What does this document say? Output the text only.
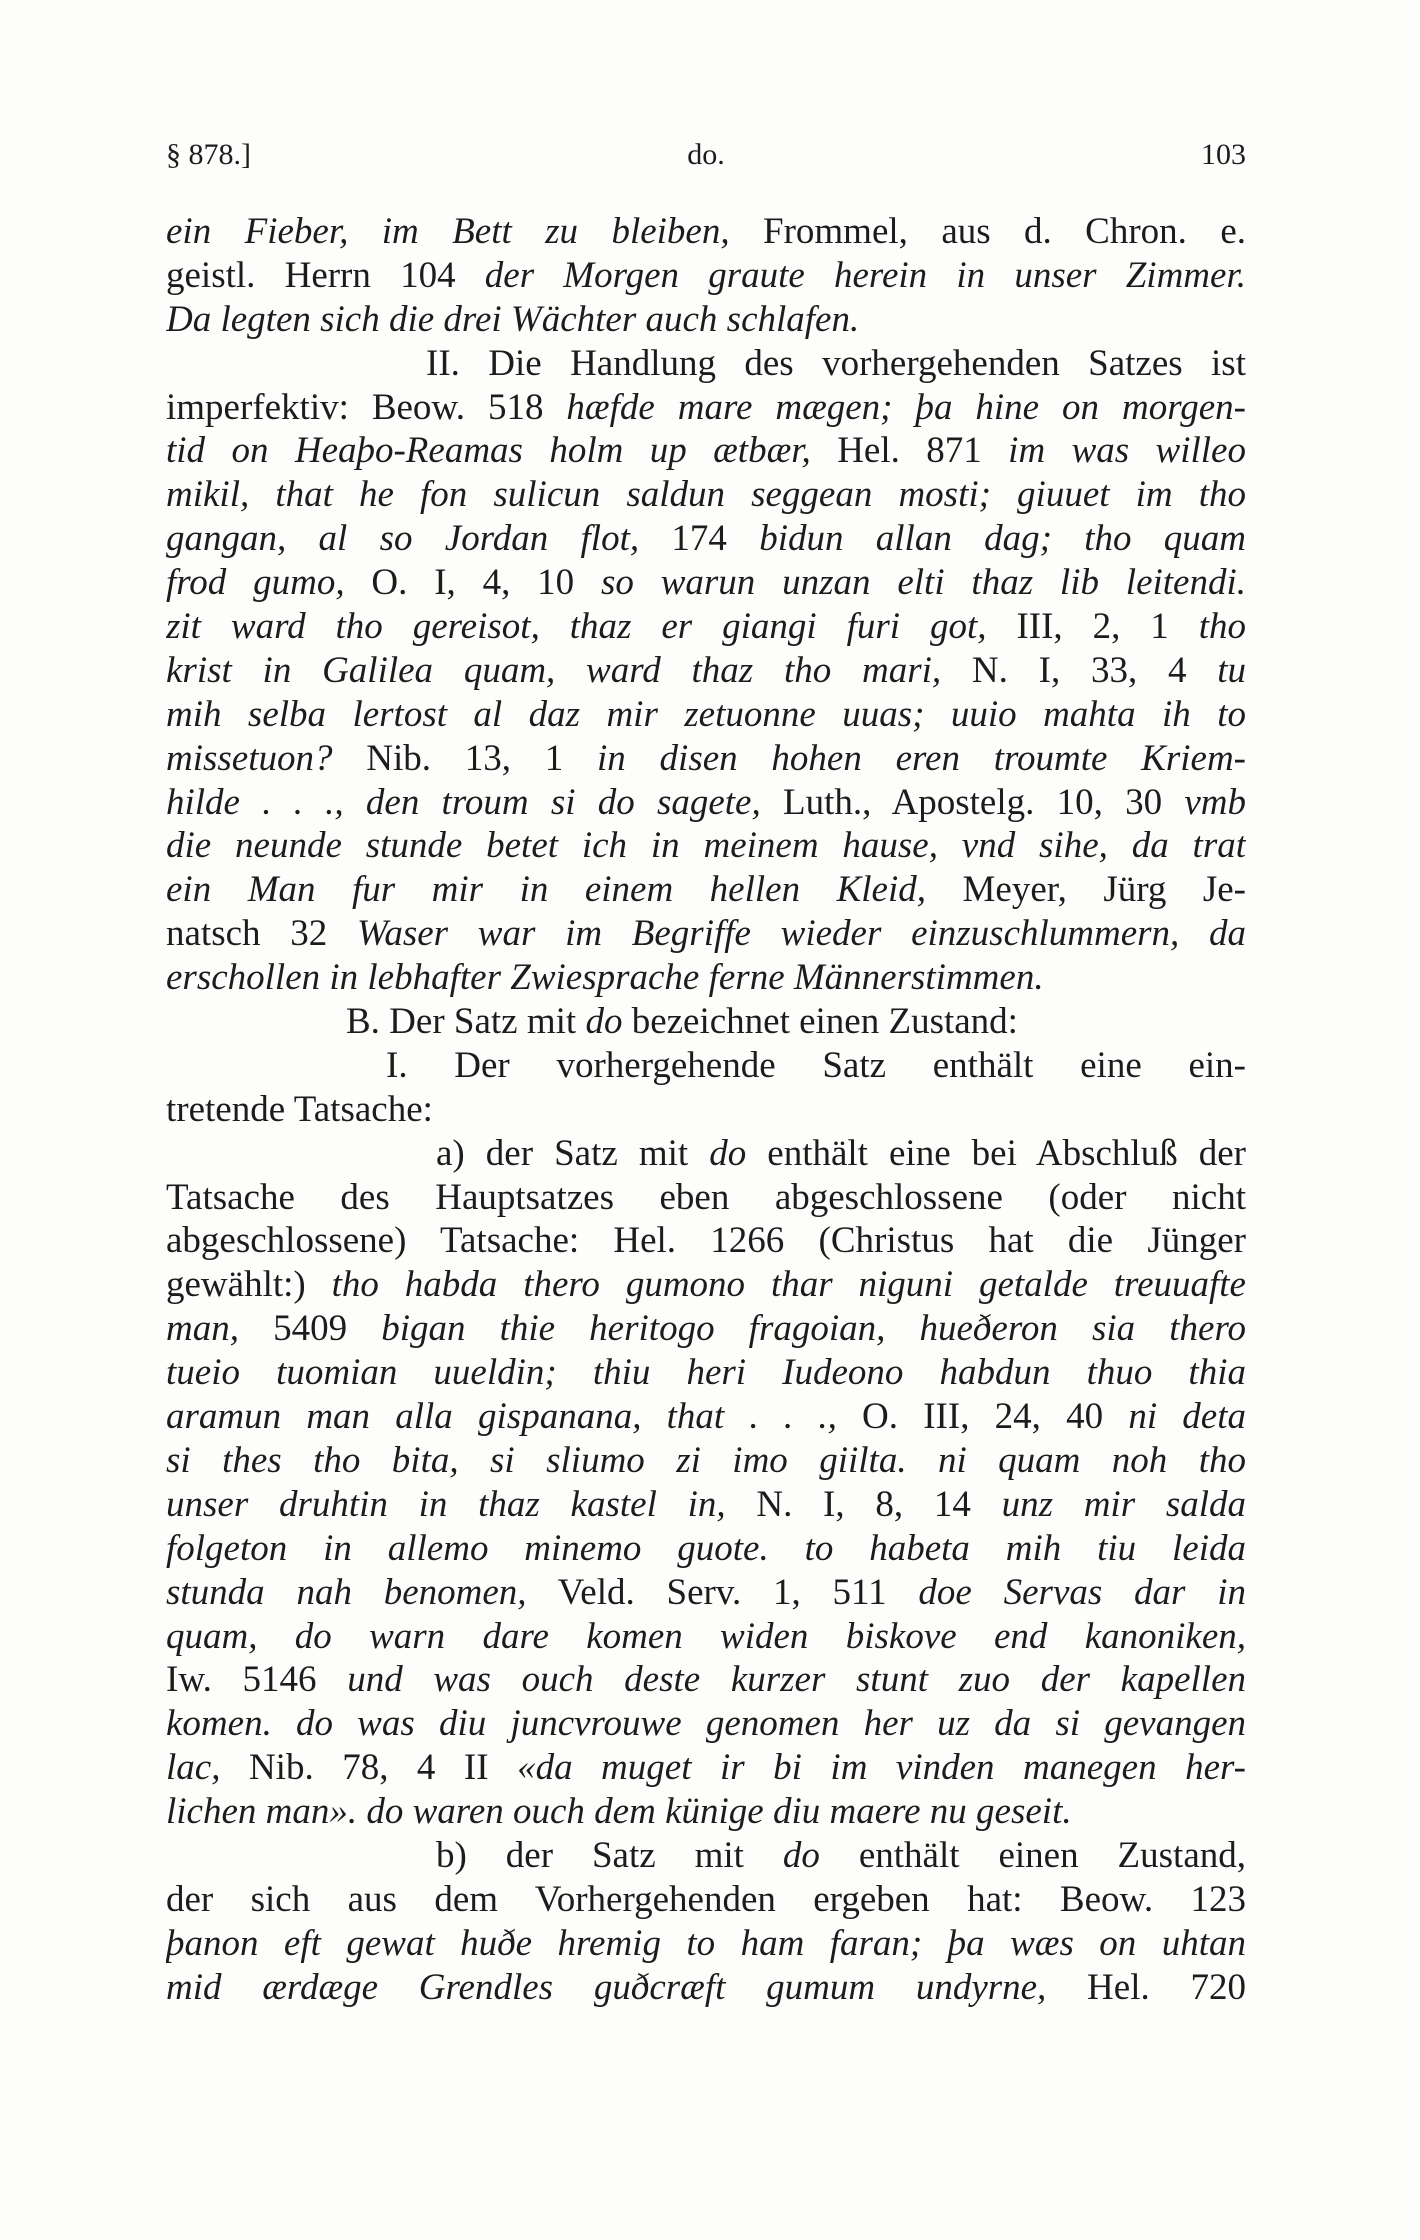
§ 878.]	do.	103
ein Fieber, im Bett zu bleiben, Frommel, aus d. Chron. e.
geistl. Herrn 104 der Morgen graute herein in unser Zimmer.
Da legten sich die drei Wächter auch schlafen.
II. Die Handlung des vorhergehenden Satzes ist
imperfektiv: Beow. 518 hæfde mare mægen; þa hine on morgen-
tid on Heaþo-Reamas holm up ætbær, Hel. 871 im was willeo
mikil, that he fon sulicun saldun seggean mosti; giuuet im tho
gangan, al so Jordan flot, 174 bidun allan dag; tho quam
frod gumo, O. I, 4, 10 so warun unzan elti thaz lib leitendi.
zit ward tho gereisot, thaz er giangi furi got, III, 2, 1 tho
krist in Galilea quam, ward thaz tho mari, N. I, 33, 4 tu
mih selba lertost al daz mir zetuonne uuas; uuio mahta ih to
missetuon? Nib. 13, 1 in disen hohen eren troumte Kriem-
hilde . . ., den troum si do sagete, Luth., Apostelg. 10, 30 vmb
die neunde stunde betet ich in meinem hause, vnd sihe, da trat
ein Man fur mir in einem hellen Kleid, Meyer, Jürg Je-
natsch 32 Waser war im Begriffe wieder einzuschlummern, da
erschollen in lebhafter Zwiesprache ferne Männerstimmen.
B. Der Satz mit do bezeichnet einen Zustand:
I. Der vorhergehende Satz enthält eine ein-
tretende Tatsache:
a) der Satz mit do enthält eine bei Abschluß der
Tatsache des Hauptsatzes eben abgeschlossene (oder nicht
abgeschlossene) Tatsache: Hel. 1266 (Christus hat die Jünger
gewählt:) tho habda thero gumono thar niguni getalde treuuafte
man, 5409 bigan thie heritogo fragoian, hueðeron sia thero
tueio tuomian uueldin; thiu heri Iudeono habdun thuo thia
aramun man alla gispanana, that . . ., O. III, 24, 40 ni deta
si thes tho bita, si sliumo zi imo giilta. ni quam noh tho
unser druhtin in thaz kastel in, N. I, 8, 14 unz mir salda
folgeton in allemo minemo guote. to habeta mih tiu leida
stunda nah benomen, Veld. Serv. 1, 511 doe Servas dar in
quam, do warn dare komen widen biskove end kanoniken,
Iw. 5146 und was ouch deste kurzer stunt zuo der kapellen
komen. do was diu juncvrouwe genomen her uz da si gevangen
lac, Nib. 78, 4 II «da muget ir bi im vinden manegen her-
lichen man». do waren ouch dem künige diu maere nu geseit.
b) der Satz mit do enthält einen Zustand,
der sich aus dem Vorhergehenden ergeben hat: Beow. 123
þanon eft gewat huðe hremig to ham faran; þa wæs on uhtan
mid ærdæge Grendles guðcræft gumum undyrne, Hel. 720
